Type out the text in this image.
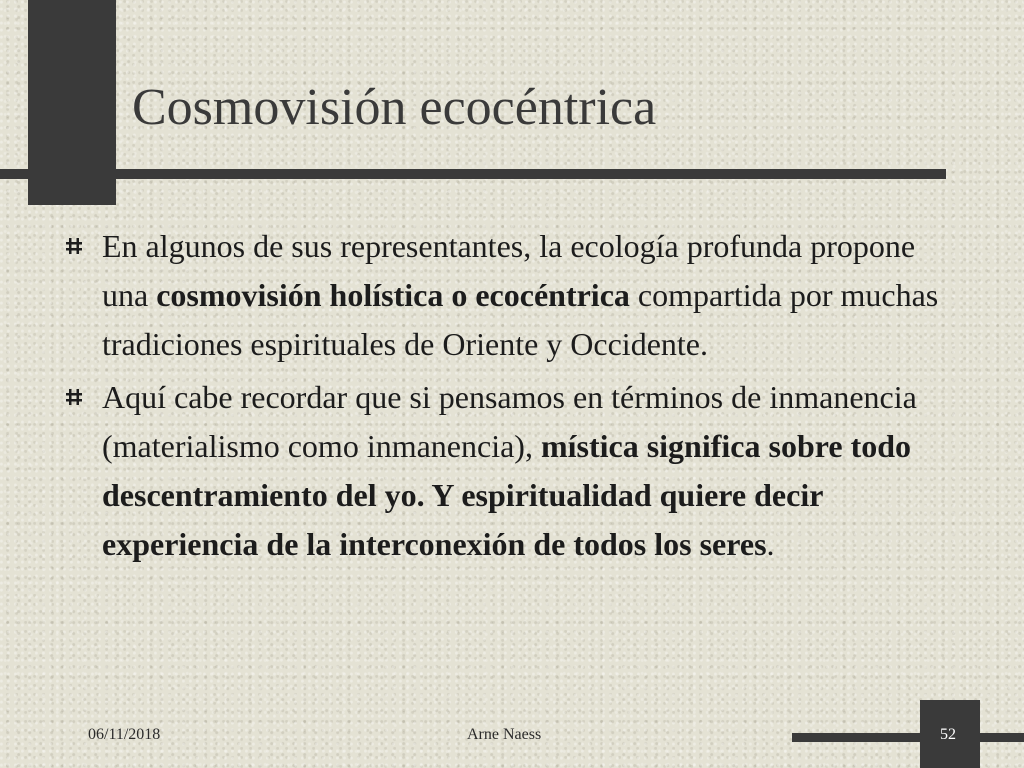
Cosmovisión ecocéntrica
En algunos de sus representantes, la ecología profunda propone una cosmovisión holística o ecocéntrica compartida por muchas tradiciones espirituales de Oriente y Occidente.
Aquí cabe recordar que si pensamos en términos de inmanencia (materialismo como inmanencia), mística significa sobre todo descentramiento del yo. Y espiritualidad quiere decir experiencia de la interconexión de todos los seres.
06/11/2018	Arne Naess	52
